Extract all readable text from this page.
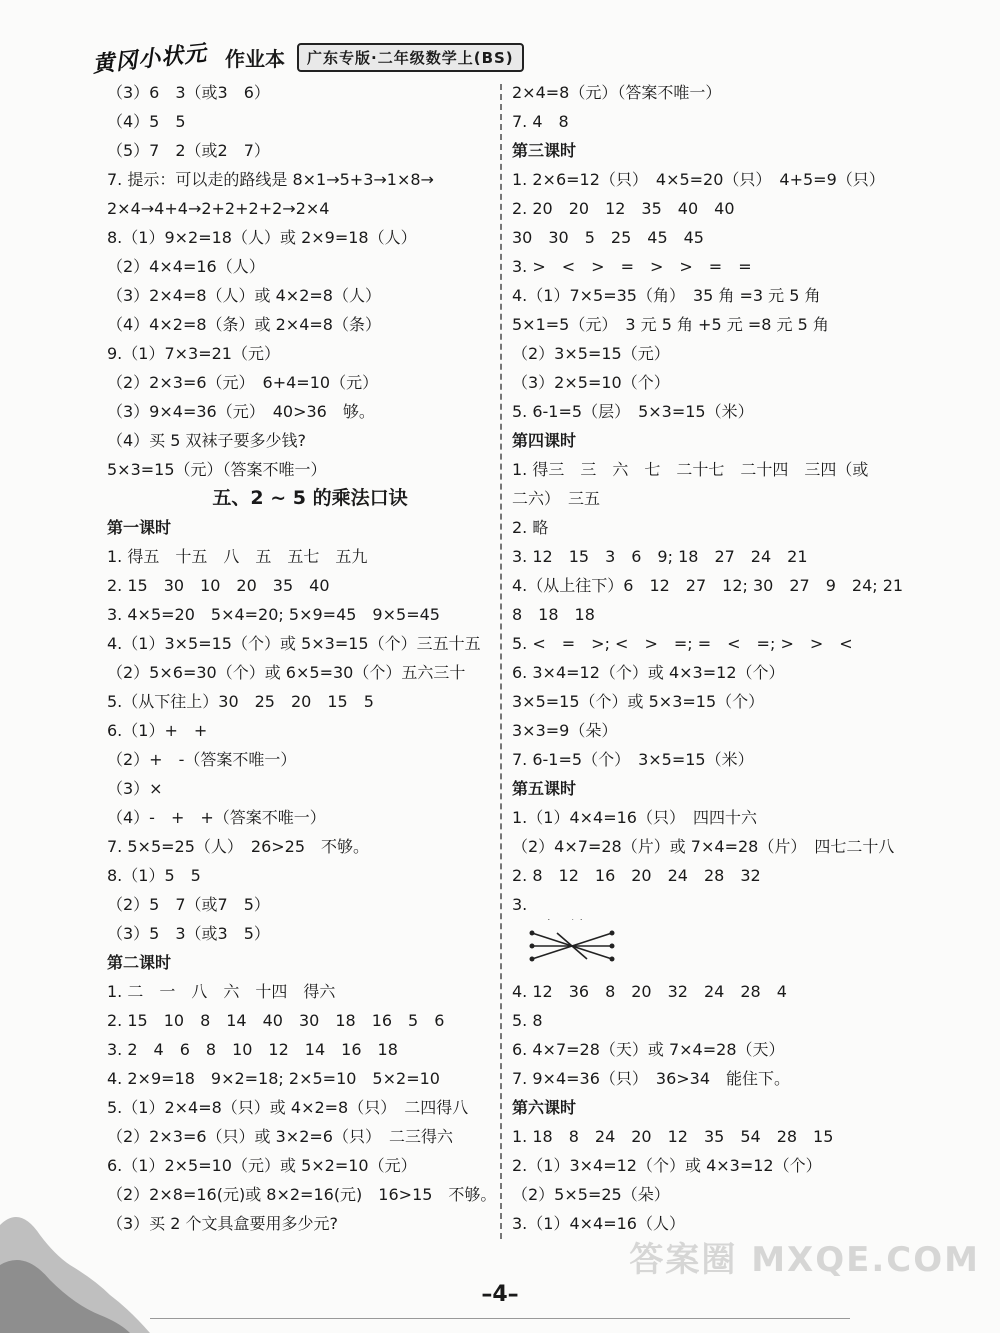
黄冈小状元 作业本	广东专版·二年级数学上(BS)
（3）6　3（或3　6）
（4）5　5
（5）7　2（或2　7）
7. 提示：可以走的路线是 8×1→5+3→1×8→
2×4→4+4→2+2+2+2→2×4
8.（1）9×2=18（人）或 2×9=18（人）
（2）4×4=16（人）
（3）2×4=8（人）或 4×2=8（人）
（4）4×2=8（条）或 2×4=8（条）
9.（1）7×3=21（元）
（2）2×3=6（元）　6+4=10（元）
（3）9×4=36（元）　40>36　够。
（4）买 5 双袜子要多少钱?
5×3=15（元）（答案不唯一）
五、2 ~ 5 的乘法口诀
第一课时
1. 得五　十五　八　五　五七　五九
2. 15　30　10　20　35　40
3. 4×5=20　5×4=20; 5×9=45　9×5=45
4.（1）3×5=15（个）或 5×3=15（个）三五十五
（2）5×6=30（个）或 6×5=30（个）五六三十
5.（从下往上）30　25　20　15　5
6.（1）+　+
（2）+　-（答案不唯一）
（3）×
（4）-　+　+（答案不唯一）
7. 5×5=25（人）　26>25　不够。
8.（1）5　5
（2）5　7（或7　5）
（3）5　3（或3　5）
第二课时
1. 二　一　八　六　十四　得六
2. 15　10　8　14　40　30　18　16　5　6
3. 2　4　6　8　10　12　14　16　18
4. 2×9=18　9×2=18; 2×5=10　5×2=10
5.（1）2×4=8（只）或 4×2=8（只）　二四得八
（2）2×3=6（只）或 3×2=6（只）　二三得六
6.（1）2×5=10（元）或 5×2=10（元）
（2）2×8=16(元)或 8×2=16(元)　16>15　不够。
（3）买 2 个文具盒要用多少元?
2×4=8（元）（答案不唯一）
7. 4　8
第三课时
1. 2×6=12（只）　4×5=20（只）　4+5=9（只）
2. 20　20　12　35　40　40
30　30　5　25　45　45
3. >　<　>　=　>　>　=　=
4.（1）7×5=35（角）　35 角 =3 元 5 角
5×1=5（元）　3 元 5 角 +5 元 =8 元 5 角
（2）3×5=15（元）
（3）2×5=10（个）
5. 6-1=5（层）　5×3=15（米）
第四课时
1. 得三　三　六　七　二十七　二十四　三四（或
二六）　三五
2. 略
3. 12　15　3　6　9; 18　27　24　21
4.（从上往下）6　12　27　12; 30　27　9　24; 21
8　18　18
5. <　=　>; <　>　=; =　<　=; >　>　<
6. 3×4=12（个）或 4×3=12（个）
3×5=15（个）或 5×3=15（个）
3×3=9（朵）
7. 6-1=5（个）　3×5=15（米）
第五课时
1.（1）4×4=16（只）　四四十六
（2）4×7=28（片）或 7×4=28（片）　四七二十八
2. 8　12　16　20　24　28　32
3.
4. 12　36　8　20　32　24　28　4
5. 8
6. 4×7=28（天）或 7×4=28（天）
7. 9×4=36（只）　36>34　能住下。
第六课时
1. 18　8　24　20　12　35　54　28　15
2.（1）3×4=12（个）或 4×3=12（个）
（2）5×5=25（朵）
3.（1）4×4=16（人）
–4–
答案圈 MXQE.COM
